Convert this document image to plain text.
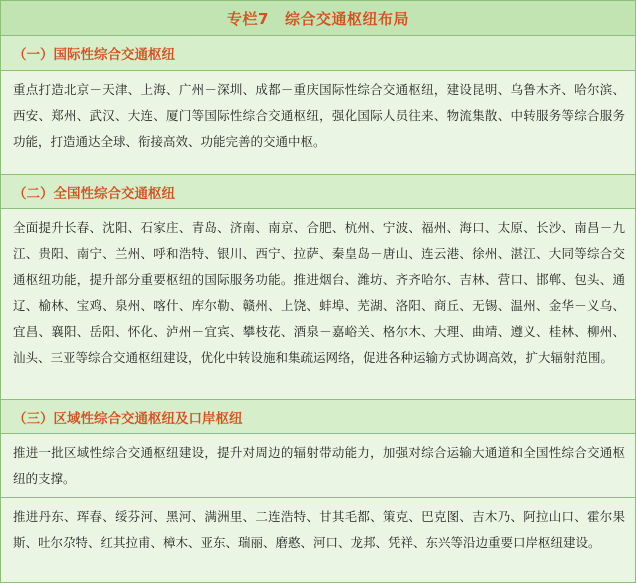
专栏7 综合交通枢纽布局
（一）国际性综合交通枢纽
重点打造北京－天津、上海、广州－深圳、成都－重庆国际性综合交通枢纽，建设昆明、乌鲁木齐、哈尔滨、西安、郑州、武汉、大连、厦门等国际性综合交通枢纽，强化国际人员往来、物流集散、中转服务等综合服务功能，打造通达全球、衔接高效、功能完善的交通中枢。
（二）全国性综合交通枢纽
全面提升长春、沈阳、石家庄、青岛、济南、南京、合肥、杭州、宁波、福州、海口、太原、长沙、南昌－九江、贵阳、南宁、兰州、呼和浩特、银川、西宁、拉萨、秦皇岛－唐山、连云港、徐州、湛江、大同等综合交通枢纽功能，提升部分重要枢纽的国际服务功能。推进烟台、潍坊、齐齐哈尔、吉林、营口、邯郸、包头、通辽、榆林、宝鸡、泉州、喀什、库尔勒、赣州、上饶、蚌埠、芜湖、洛阳、商丘、无锡、温州、金华－义乌、宜昌、襄阳、岳阳、怀化、泸州－宜宾、攀枝花、酒泉－嘉峪关、格尔木、大理、曲靖、遵义、桂林、柳州、汕头、三亚等综合交通枢纽建设，优化中转设施和集疏运网络，促进各种运输方式协调高效，扩大辐射范围。
（三）区域性综合交通枢纽及口岸枢纽
推进一批区域性综合交通枢纽建设，提升对周边的辐射带动能力，加强对综合运输大通道和全国性综合交通枢纽的支撑。
推进丹东、珲春、绥芬河、黑河、满洲里、二连浩特、甘其毛都、策克、巴克图、吉木乃、阿拉山口、霍尔果斯、吐尔尕特、红其拉甫、樟木、亚东、瑞丽、磨憨、河口、龙邦、凭祥、东兴等沿边重要口岸枢纽建设。
